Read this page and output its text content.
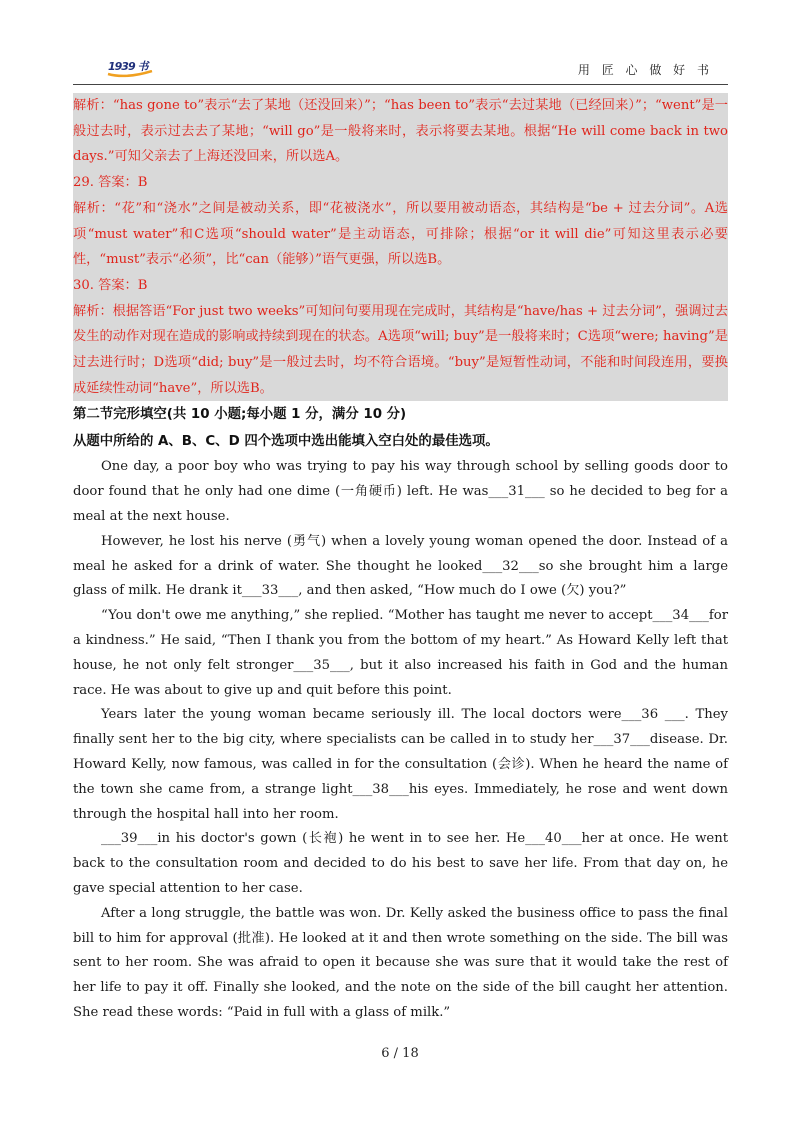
1939 书	用 匠 心 做 好 书

解析：“has gone to”表示“去了某地（还没回来）”；“has been to”表示“去过某地（已经回来）”；“went”是一般过去时，表示过去去了某地；“will go”是一般将来时，表示将要去某地。根据“He will come back in two days.”可知父亲去了上海还没回来，所以选A。

29. 答案：B

解析：“花”和“浇水”之间是被动关系，即“花被浇水”，所以要用被动语态，其结构是“be + 过去分词”。A选项“must water”和C选项“should water”是主动语态，可排除；根据“or it will die”可知这里表示必要性，“must”表示“必须”，比“can（能够）”语气更强，所以选B。

30. 答案：B

解析：根据答语“For just two weeks”可知问句要用现在完成时，其结构是“have/has + 过去分词”，强调过去发生的动作对现在造成的影响或持续到现在的状态。A选项“will; buy”是一般将来时；C选项“were; having”是过去进行时；D选项“did; buy”是一般过去时，均不符合语境。“buy”是短暂性动词，不能和时间段连用，要换成延续性动词“have”，所以选B。

第二节完形填空(共 10 小题;每小题 1 分，满分 10 分)
从题中所给的 A、B、C、D 四个选项中选出能填入空白处的最佳选项。

One day, a poor boy who was trying to pay his way through school by selling goods door to door found that he only had one dime (一角硬币) left. He was___31___ so he decided to beg for a meal at the next house.

However, he lost his nerve (勇气) when a lovely young woman opened the door. Instead of a meal he asked for a drink of water. She thought he looked___32___so she brought him a large glass of milk. He drank it___33___, and then asked, “How much do I owe (欠) you?”

“You don't owe me anything,” she replied. “Mother has taught me never to accept___34___for a kindness.” He said, “Then I thank you from the bottom of my heart.” As Howard Kelly left that house, he not only felt stronger___35___, but it also increased his faith in God and the human race. He was about to give up and quit before this point.

Years later the young woman became seriously ill. The local doctors were___36 ___. They finally sent her to the big city, where specialists can be called in to study her___37___disease. Dr. Howard Kelly, now famous, was called in for the consultation (会诊). When he heard the name of the town she came from, a strange light___38___his eyes. Immediately, he rose and went down through the hospital hall into her room.

___39___in his doctor's gown (长袍) he went in to see her. He___40___her at once. He went back to the consultation room and decided to do his best to save her life. From that day on, he gave special attention to her case.

After a long struggle, the battle was won. Dr. Kelly asked the business office to pass the final bill to him for approval (批准). He looked at it and then wrote something on the side. The bill was sent to her room. She was afraid to open it because she was sure that it would take the rest of her life to pay it off. Finally she looked, and the note on the side of the bill caught her attention. She read these words: “Paid in full with a glass of milk.”

6 / 18
